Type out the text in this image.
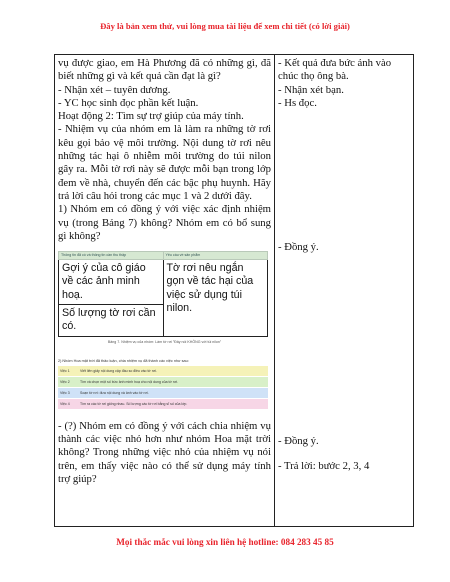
Đây là bản xem thử, vui lòng mua tài liệu để xem chi tiết (có lời giải)

vụ được giao, em Hà Phương đã có những gì, đã biết những gì và kết quả cần đạt là gì?

- Nhận xét – tuyên dương.

- YC học sinh đọc phần kết luận.

Hoạt động 2: Tìm sự trợ giúp của máy tính.

- Nhiệm vụ của nhóm em là làm ra những tờ rơi kêu gọi bảo vệ môi trường. Nội dung tờ rơi nêu những tác hại ô nhiễm môi trường do túi nilon gây ra. Mỗi tờ rơi này sẽ được mỗi bạn trong lớp đem về nhà, chuyển đến các bậc phụ huynh. Hãy trả lời câu hỏi trong các mục 1 và 2 dưới đây.

1) Nhóm em có đồng ý với việc xác định nhiệm vụ (trong Bảng 7) không? Nhóm em có bổ sung gì không?

Thông tin đã có và thông tin cần thu thập	Yêu cầu về sản phẩm
Gợi ý của cô giáo về các ảnh minh hoạ.	Tờ rơi nêu ngắn gọn về tác hại của việc sử dụng túi nilon.
Số lượng tờ rơi cần có.

Bảng 7. Nhiệm vụ của nhóm: Làm tờ rơi "Đây nói KHÔNG với túi nilon"

2) Nhóm Hoa mặt trời đã thảo luận, chia nhiệm vụ đã thành các việc như sau:

Việc 1	Viết liên giấy nội dung cập đầu so điều vào tờ rơi.
Việc 2	Tìm và chọn một số bức ảnh minh hoạ cho nội dung của tờ rơi.
Việc 3	Soạn tờ rơi: đưa nội dung và ảnh vào tờ rơi.
Việc 4	Tìm ra các tờ rơi giống nhau. Số lượng các tờ rơi bằng sĩ số của lớp.

- (?) Nhóm em có đồng ý với cách chia nhiệm vụ thành các việc nhỏ hơn như nhóm Hoa mặt trời không? Trong những việc nhỏ của nhiệm vụ nói trên, em thấy việc nào có thể sử dụng máy tính trợ giúp?

- Kết quả đưa bức ảnh vào chúc thọ ông bà.

- Nhận xét bạn.

- Hs đọc.

- Đồng ý.

- Đồng ý.

- Trả lời: bước 2, 3, 4

Mọi thắc mắc vui lòng xin liên hệ hotline: 084 283 45 85
